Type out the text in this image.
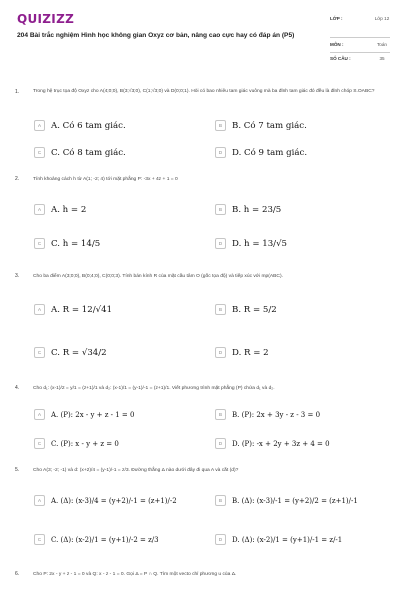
QUIZIZZ
204 Bài trắc nghiệm Hình học không gian Oxyz cơ bản, nâng cao cực hay có đáp án (P5)
LỚP :	Lớp 12
MÔN :	Toán
SỐ CÂU :	35
1.	Trong hệ trục tọa độ Oxyz cho A(4;0;0), B(3;√3;0), C(1;√3;0) và D(0;0;1). Hỏi có bao nhiêu tam giác vuông mà ba đỉnh tam giác đó đều là đỉnh chóp S.OABC?
A	A. Có 6 tam giác.	B	B. Có 7 tam giác.
C	C. Có 8 tam giác.	D	D. Có 9 tam giác.
2.	Tính khoảng cách h từ A(1; -2; 4) tới mặt phẳng P: -3x + 4z + 1 = 0
A	A. h = 2	B	B. h = 23/5
C	C. h = 14/5	D	D. h = 13/√5
3.	Cho ba điểm A(3;0;0), B(0;4;0), C(0;0;3). Tính bán kính R của mặt cầu tâm O (gốc tọa độ) và tiếp xúc với mp(ABC).
A	A. R = 12/√41	B	B. R = 5/2
C	C. R = √34/2	D	D. R = 2
4.	Cho d₁: (x-1)/2 = y/1 = (z+1)/1 và d₂: (x-1)/1 = (y-1)/-1 = (z+1)/1. Viết phương trình mặt phẳng (P) chứa d₁ và d₂.
A	A. (P): 2x - y + z - 1 = 0	B	B. (P): 2x + 3y - z - 3 = 0
C	C. (P): x - y + z = 0	D	D. (P): -x + 2y + 3z + 4 = 0
5.	Cho A(3; -2; -1) và d: (x+2)/4 = (y-1)/-1 = z/3. Đường thẳng Δ nào dưới đây đi qua A và cắt (d)?
A	A. (Δ): (x-3)/4 = (y+2)/-1 = (z+1)/-2	B	B. (Δ): (x-3)/-1 = (y+2)/2 = (z+1)/-1
C	C. (Δ): (x-2)/1 = (y+1)/-2 = z/3	D	D. (Δ): (x-2)/1 = (y+1)/-1 = z/-1
6.	Cho P: 2x - y + z - 1 = 0 và Q: x - z - 1 = 0. Gọi Δ = P ∩ Q. Tìm một vecto chỉ phương u của Δ.
